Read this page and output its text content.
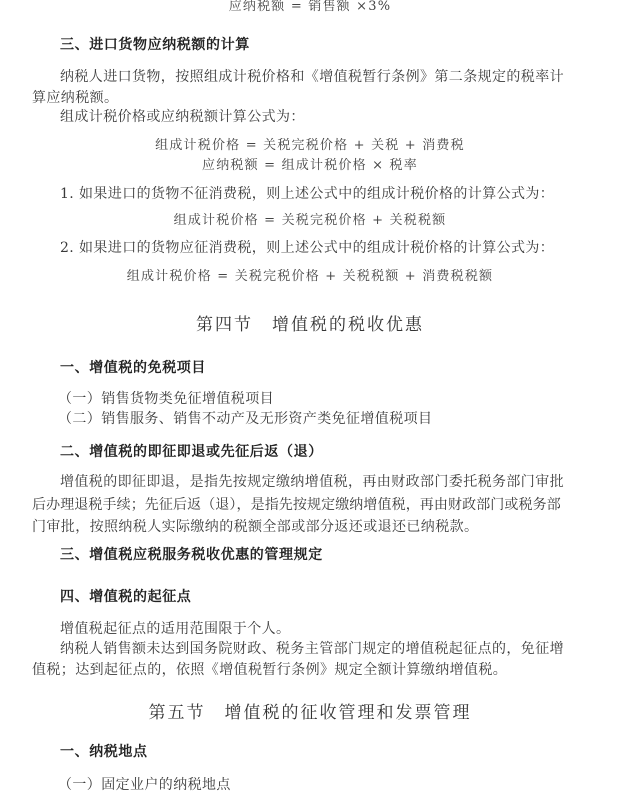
应纳税额 = 销售额 ×3%
三、进口货物应纳税额的计算
纳税人进口货物，按照组成计税价格和《增值税暂行条例》第二条规定的税率计
算应纳税额。
组成计税价格或应纳税额计算公式为：
组成计税价格 = 关税完税价格 + 关税 + 消费税
应纳税额 = 组成计税价格 × 税率
1. 如果进口的货物不征消费税，则上述公式中的组成计税价格的计算公式为：
组成计税价格 = 关税完税价格 + 关税税额
2. 如果进口的货物应征消费税，则上述公式中的组成计税价格的计算公式为：
组成计税价格 = 关税完税价格 + 关税税额 + 消费税税额
第四节　增值税的税收优惠
一、增值税的免税项目
（一）销售货物类免征增值税项目
（二）销售服务、销售不动产及无形资产类免征增值税项目
二、增值税的即征即退或先征后返（退）
增值税的即征即退，是指先按规定缴纳增值税，再由财政部门委托税务部门审批
后办理退税手续；先征后返（退），是指先按规定缴纳增值税，再由财政部门或税务部
门审批，按照纳税人实际缴纳的税额全部或部分返还或退还已纳税款。
三、增值税应税服务税收优惠的管理规定
四、增值税的起征点
增值税起征点的适用范围限于个人。
纳税人销售额未达到国务院财政、税务主管部门规定的增值税起征点的，免征增
值税；达到起征点的，依照《增值税暂行条例》规定全额计算缴纳增值税。
第五节　增值税的征收管理和发票管理
一、纳税地点
（一）固定业户的纳税地点
